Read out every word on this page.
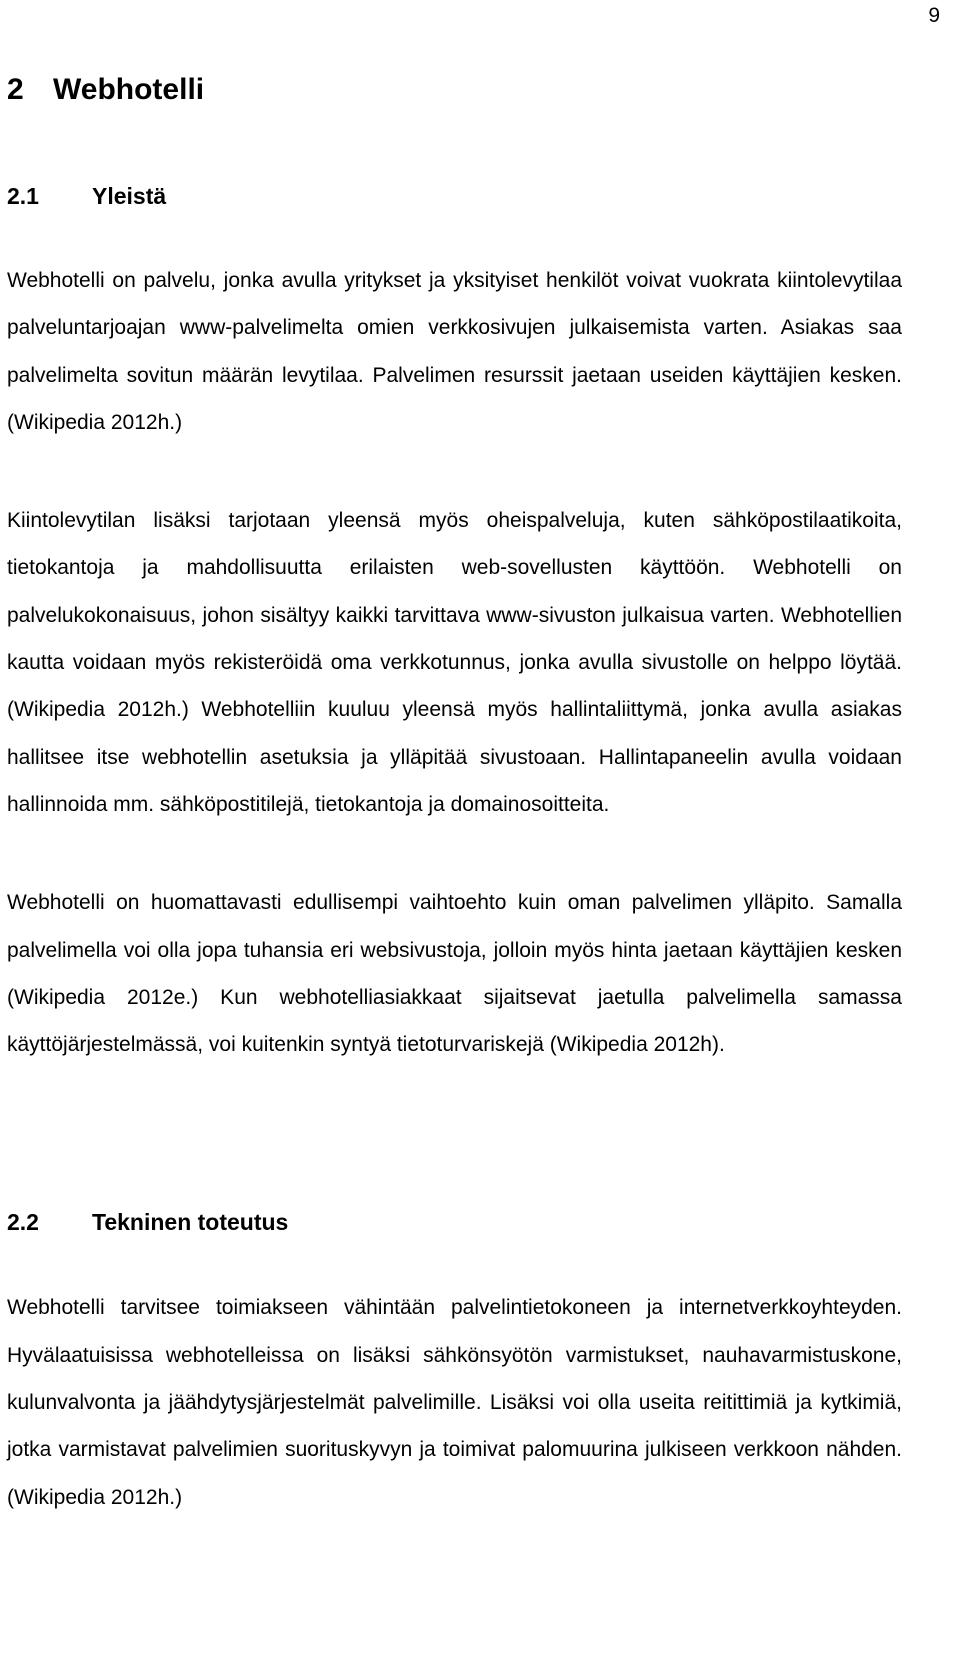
9
2 Webhotelli
2.1	Yleistä

Webhotelli on palvelu, jonka avulla yritykset ja yksityiset henkilöt voivat vuokrata kiintolevytilaa palveluntarjoajan www-palvelimelta omien verkkosivujen julkaisemista varten. Asiakas saa palvelimelta sovitun määrän levytilaa. Palvelimen resurssit jaetaan useiden käyttäjien kesken. (Wikipedia 2012h.)

Kiintolevytilan lisäksi tarjotaan yleensä myös oheispalveluja, kuten sähköpostilaatikoita, tietokantoja ja mahdollisuutta erilaisten web-sovellusten käyttöön. Webhotelli on palvelukokonaisuus, johon sisältyy kaikki tarvittava www-sivuston julkaisua varten. Webhotellien kautta voidaan myös rekisteröidä oma verkkotunnus, jonka avulla sivustolle on helppo löytää. (Wikipedia 2012h.) Webhotelliin kuuluu yleensä myös hallintaliittymä, jonka avulla asiakas hallitsee itse webhotellin asetuksia ja ylläpitää sivustoaan. Hallintapaneelin avulla voidaan hallinnoida mm. sähköpostitilejä, tietokantoja ja domainosoitteita.

Webhotelli on huomattavasti edullisempi vaihtoehto kuin oman palvelimen ylläpito. Samalla palvelimella voi olla jopa tuhansia eri websivustoja, jolloin myös hinta jaetaan käyttäjien kesken (Wikipedia 2012e.) Kun webhotelliasiakkaat sijaitsevat jaetulla palvelimella samassa käyttöjärjestelmässä, voi kuitenkin syntyä tietoturvariskejä (Wikipedia 2012h).

2.2	Tekninen toteutus

Webhotelli tarvitsee toimiakseen vähintään palvelintietokoneen ja internetverkkoyhteyden. Hyvälaatuisissa webhotelleissa on lisäksi sähkönsyötön varmistukset, nauhavarmistuskone, kulunvalvonta ja jäähdytysjärjestelmät palvelimille. Lisäksi voi olla useita reitittimiä ja kytkimiä, jotka varmistavat palvelimien suorituskyvyn ja toimivat palomuurina julkiseen verkkoon nähden. (Wikipedia 2012h.)
